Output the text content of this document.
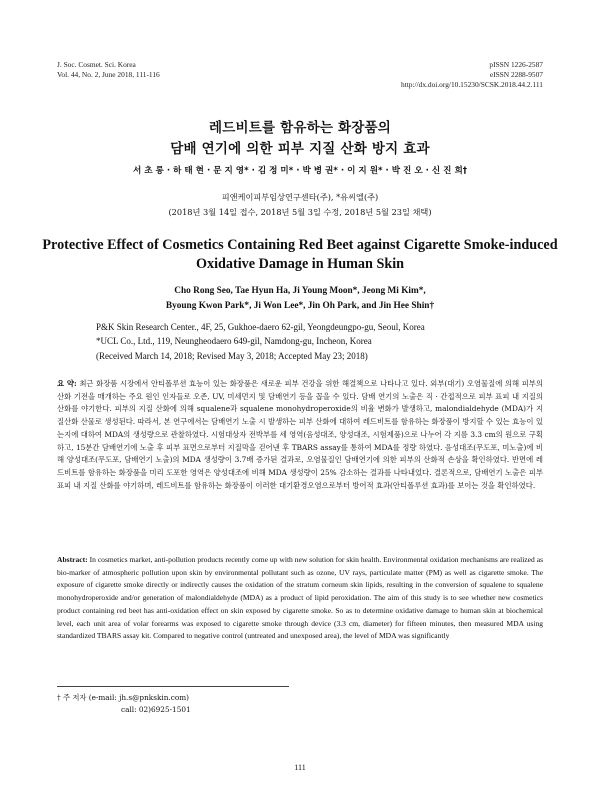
J. Soc. Cosmet. Sci. Korea
Vol. 44, No. 2, June 2018, 111-116
pISSN 1226-2587
eISSN 2288-9507
http://dx.doi.org/10.15230/SCSK.2018.44.2.111
레드비트를 함유하는 화장품의
담배 연기에 의한 피부 지질 산화 방지 효과
서 초 롱 · 하 태 현 · 문 지 영* · 김 정 미* · 박 병 권* · 이 지 원* · 박 진 오 · 신 진 희†
피앤케이피부임상연구센타(주), *유씨엘(주)
(2018년 3월 14일 접수, 2018년 5월 3일 수정, 2018년 5월 23일 채택)
Protective Effect of Cosmetics Containing Red Beet against Cigarette Smoke-induced
Oxidative Damage in Human Skin
Cho Rong Seo, Tae Hyun Ha, Ji Young Moon*, Jeong Mi Kim*,
Byoung Kwon Park*, Ji Won Lee*, Jin Oh Park, and Jin Hee Shin†
P&K Skin Research Center., 4F, 25, Gukhoe-daero 62-gil, Yeongdeungpo-gu, Seoul, Korea
*UCL Co., Ltd., 119, Neungheodaero 649-gil, Namdong-gu, Incheon, Korea
(Received March 14, 2018; Revised May 3, 2018; Accepted May 23; 2018)
요 약: 최근 화장품 시장에서 안티폴루션 효능이 있는 화장품은 새로운 피부 건강을 위한 해결책으로 나타나고 있다. 외부(대기) 오염물질에 의해 피부의 산화 기전을 매개하는 주요 원인 인자들로 오존, UV, 미세먼지 및 담배연기 등을 꼽을 수 있다. 담배 연기의 노출은 직 · 간접적으로 피부 표피 내 지질의 산화를 야기한다. 피부의 지질 산화에 의해 squalene과 squalene monohydroperoxide의 비율 변화가 발생하고, malondialdehyde (MDA)가 지질산화 산물로 생성된다. 따라서, 본 연구에서는 담배연기 노출 시 발생하는 피부 산화에 대하여 레드비트를 함유하는 화장품이 방지할 수 있는 효능이 있는지에 대하여 MDA의 생성량으로 관찰하였다. 시험대상자 전박부를 세 영역(음성대조, 양성대조, 시험제품)으로 나누어 각 지름 3.3 cm의 원으로 구획하고, 15분간 담배연기에 노출 후 피부 표면으로부터 지질막을 걷어낸 후 TBARS assay를 통하여 MDA를 정량 하였다. 음성대조(무도포, 미노출)에 비해 양성대조(무도포, 담배연기 노출)의 MDA 생성량이 3.7배 증가된 결과로, 오염물질인 담배연기에 의한 피부의 산화적 손상을 확인하였다. 반면에 레드비트를 함유하는 화장품을 미리 도포한 영역은 양성대조에 비해 MDA 생성량이 25% 감소하는 결과를 나타내었다. 결론적으로, 담배연기 노출은 피부 표피 내 지질 산화를 야기하며, 레드비트를 함유하는 화장품이 이러한 대기환경오염으로부터 방어적 효과(안티폴루션 효과)를 보이는 것을 확인하였다.
Abstract: In cosmetics market, anti-pollution products recently come up with new solution for skin health. Environmental oxidation mechanisms are realized as bio-marker of atmospheric pollution upon skin by environmental pollutant such as ozone, UV rays, particulate matter (PM) as well as cigarette smoke. The exposure of cigarette smoke directly or indirectly causes the oxidation of the stratum corneum skin lipids, resulting in the conversion of squalene to squalene monohydroperoxide and/or generation of malondialdehyde (MDA) as a product of lipid peroxidation. The aim of this study is to see whether new cosmetics product containing red beet has anti-oxidation effect on skin exposed by cigarette smoke. So as to determine oxidative damage to human skin at biochemical level, each unit area of volar forearms was exposed to cigarette smoke through device (3.3 cm, diameter) for fifteen minutes, then measured MDA using standardized TBARS assay kit. Compared to negative control (untreated and unexposed area), the level of MDA was significantly
† 주 저자 (e-mail: jh.s@pnkskin.com)
call: 02)6925-1501
111
